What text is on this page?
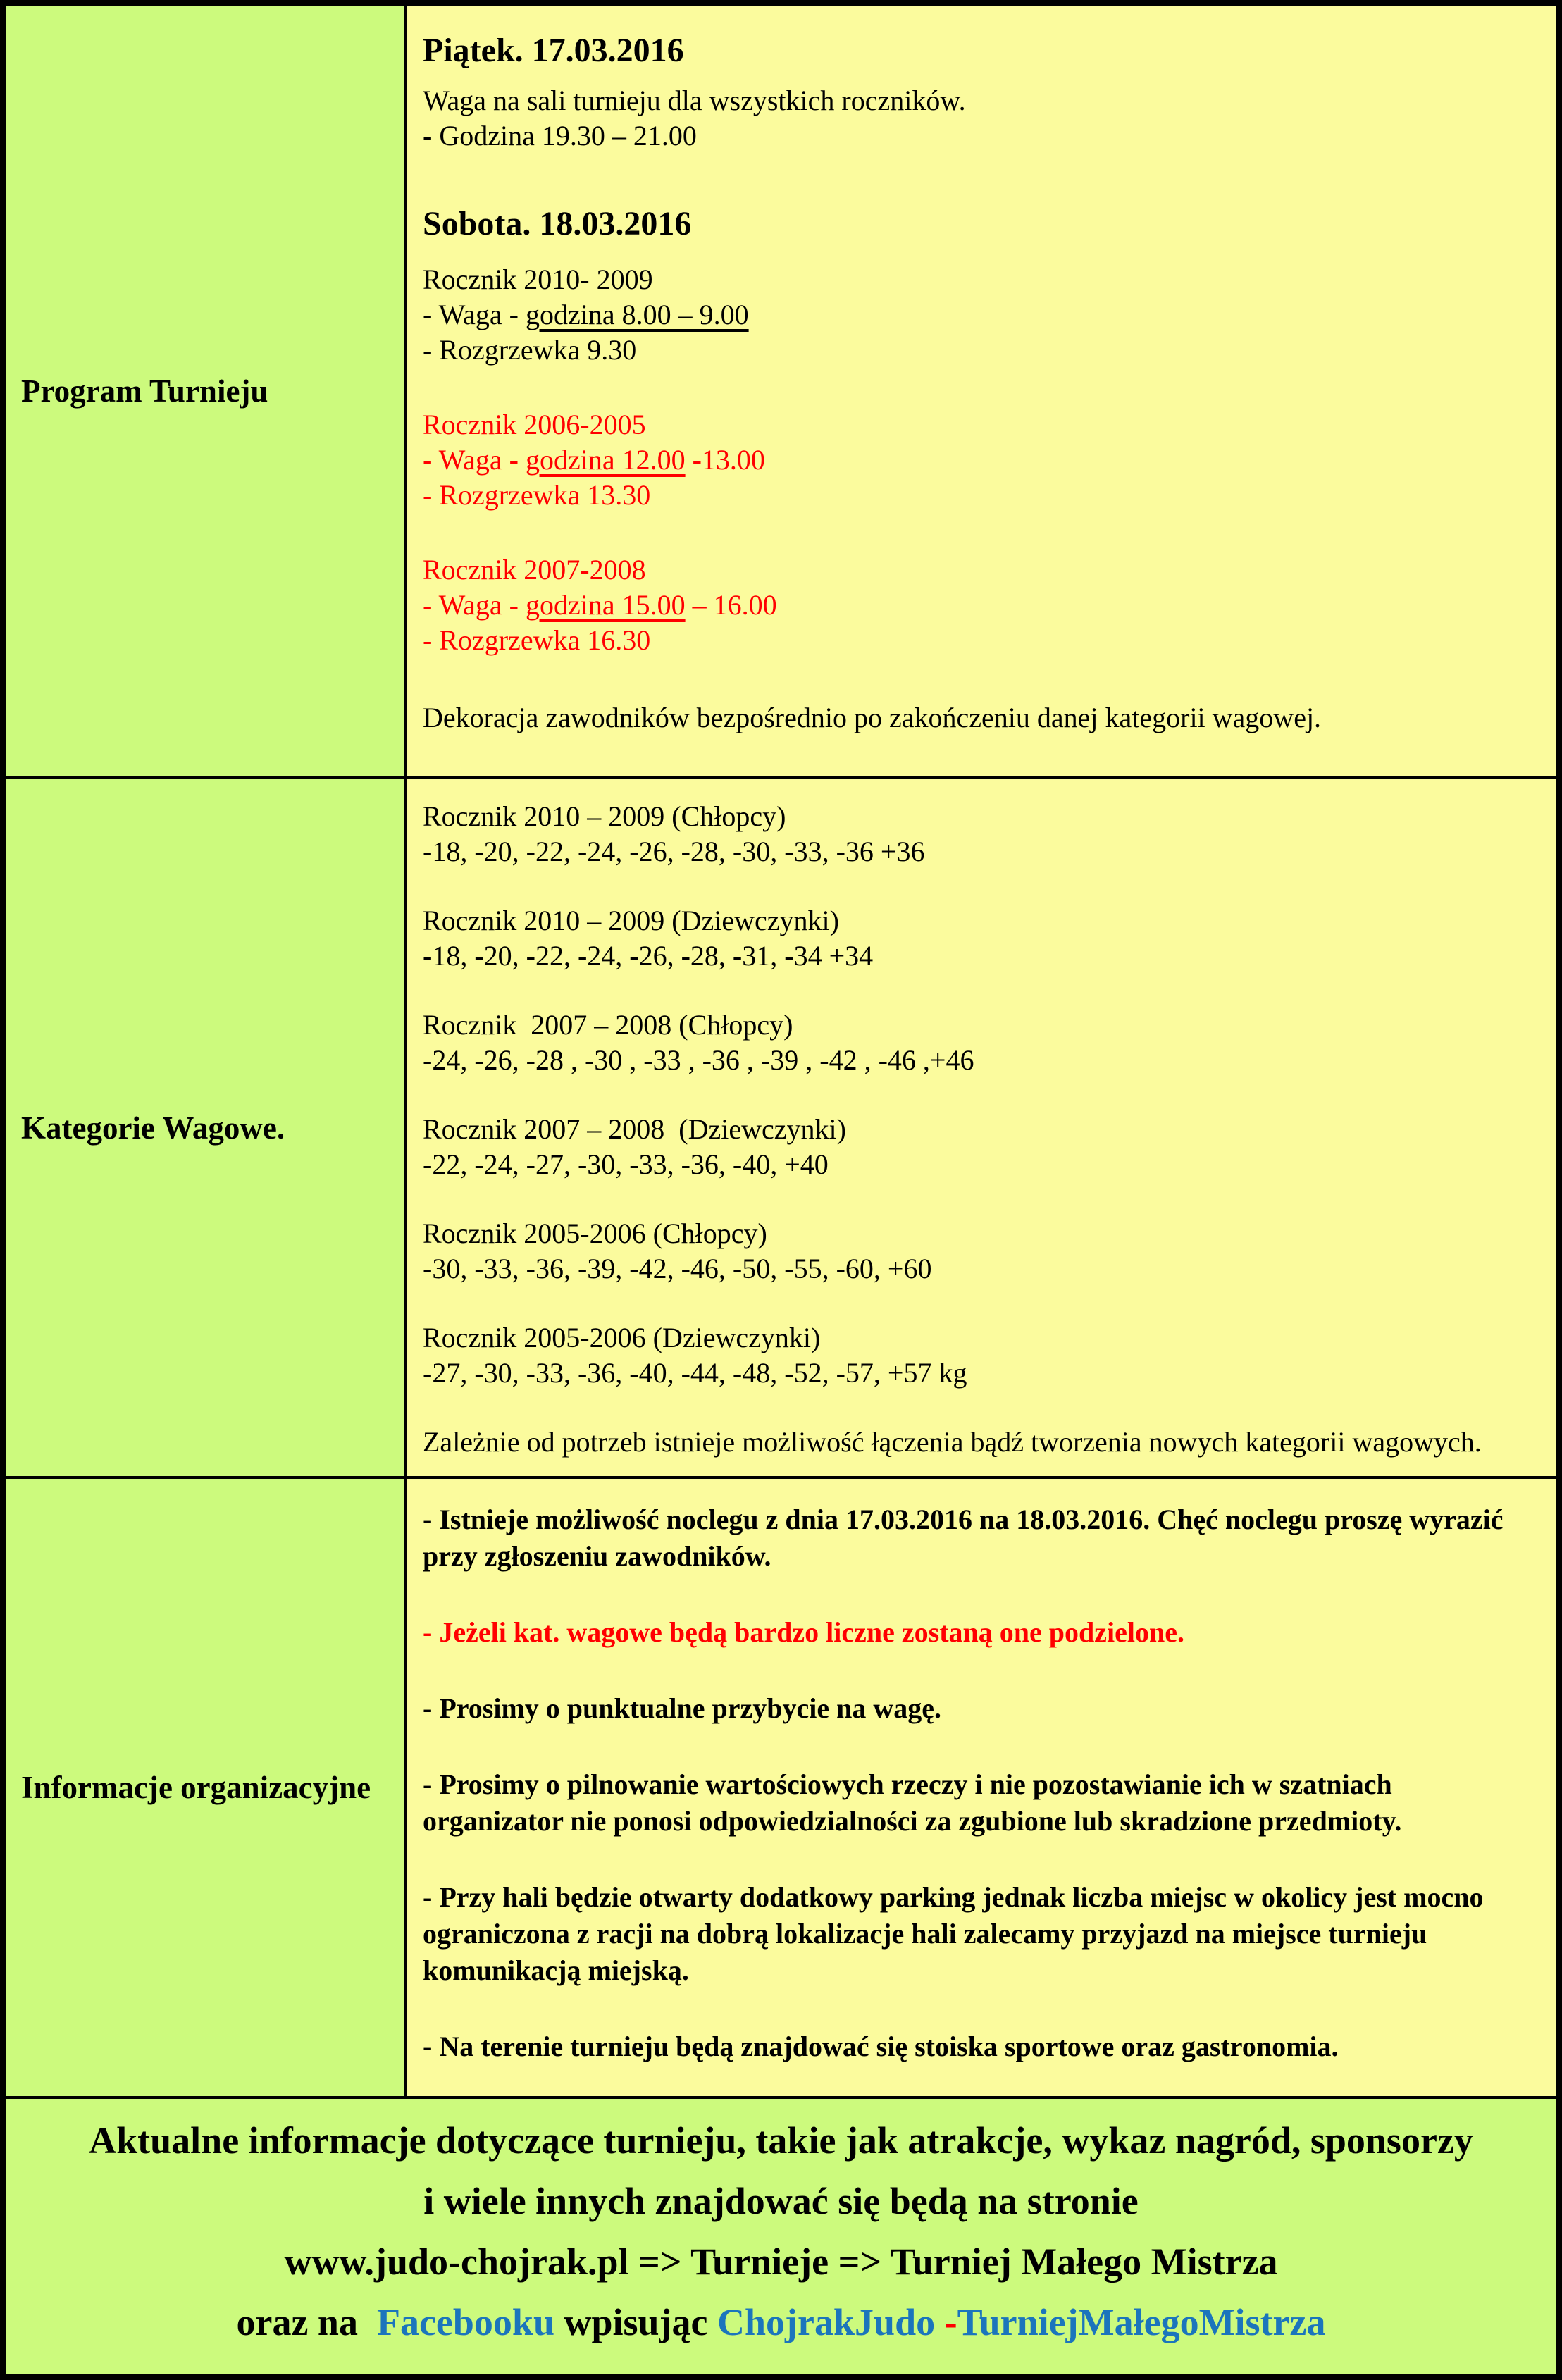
Program Turnieju

Piątek. 17.03.2016

Waga na sali turnieju dla wszystkich roczników.
- Godzina 19.30 – 21.00

Sobota. 18.03.2016

Rocznik 2010- 2009
- Waga - godzina 8.00 – 9.00
- Rozgrzewka 9.30
Rocznik 2006-2005
- Waga - godzina 12.00 -13.00
- Rozgrzewka 13.30
Rocznik 2007-2008
- Waga - godzina 15.00 – 16.00
- Rozgrzewka 16.30
Dekoracja zawodników bezpośrednio po zakończeniu danej kategorii wagowej.
Kategorie Wagowe.
Rocznik 2010 – 2009 (Chłopcy)
-18, -20, -22, -24, -26, -28, -30, -33, -36 +36
Rocznik 2010 – 2009 (Dziewczynki)
-18, -20, -22, -24, -26, -28, -31, -34 +34
Rocznik  2007 – 2008 (Chłopcy)
-24, -26, -28 , -30 , -33 , -36 , -39 , -42 , -46 ,+46
Rocznik 2007 – 2008  (Dziewczynki)
-22, -24, -27, -30, -33, -36, -40, +40
Rocznik 2005-2006 (Chłopcy)
-30, -33, -36, -39, -42, -46, -50, -55, -60, +60
Rocznik 2005-2006 (Dziewczynki)
-27, -30, -33, -36, -40, -44, -48, -52, -57, +57 kg
Zależnie od potrzeb istnieje możliwość łączenia bądź tworzenia nowych kategorii wagowych.
Informacje organizacyjne

- Istnieje możliwość noclegu z dnia 17.03.2016 na 18.03.2016. Chęć noclegu proszę wyrazić przy zgłoszeniu zawodników.

- Jeżeli kat. wagowe będą bardzo liczne zostaną one podzielone.

- Prosimy o punktualne przybycie na wagę.

- Prosimy o pilnowanie wartościowych rzeczy i nie pozostawianie ich w szatniach organizator nie ponosi odpowiedzialności za zgubione lub skradzione przedmioty.

- Przy hali będzie otwarty dodatkowy parking jednak liczba miejsc w okolicy jest mocno ograniczona z racji na dobrą lokalizacje hali zalecamy przyjazd na miejsce turnieju komunikacją miejską.

- Na terenie turnieju będą znajdować się stoiska sportowe oraz gastronomia.

Aktualne informacje dotyczące turnieju, takie jak atrakcje, wykaz nagród, sponsorzy
i wiele innych znajdować się będą na stronie
www.judo-chojrak.pl => Turnieje => Turniej Małego Mistrza
oraz na  Facebooku wpisując ChojrakJudo -TurniejMałegoMistrza
